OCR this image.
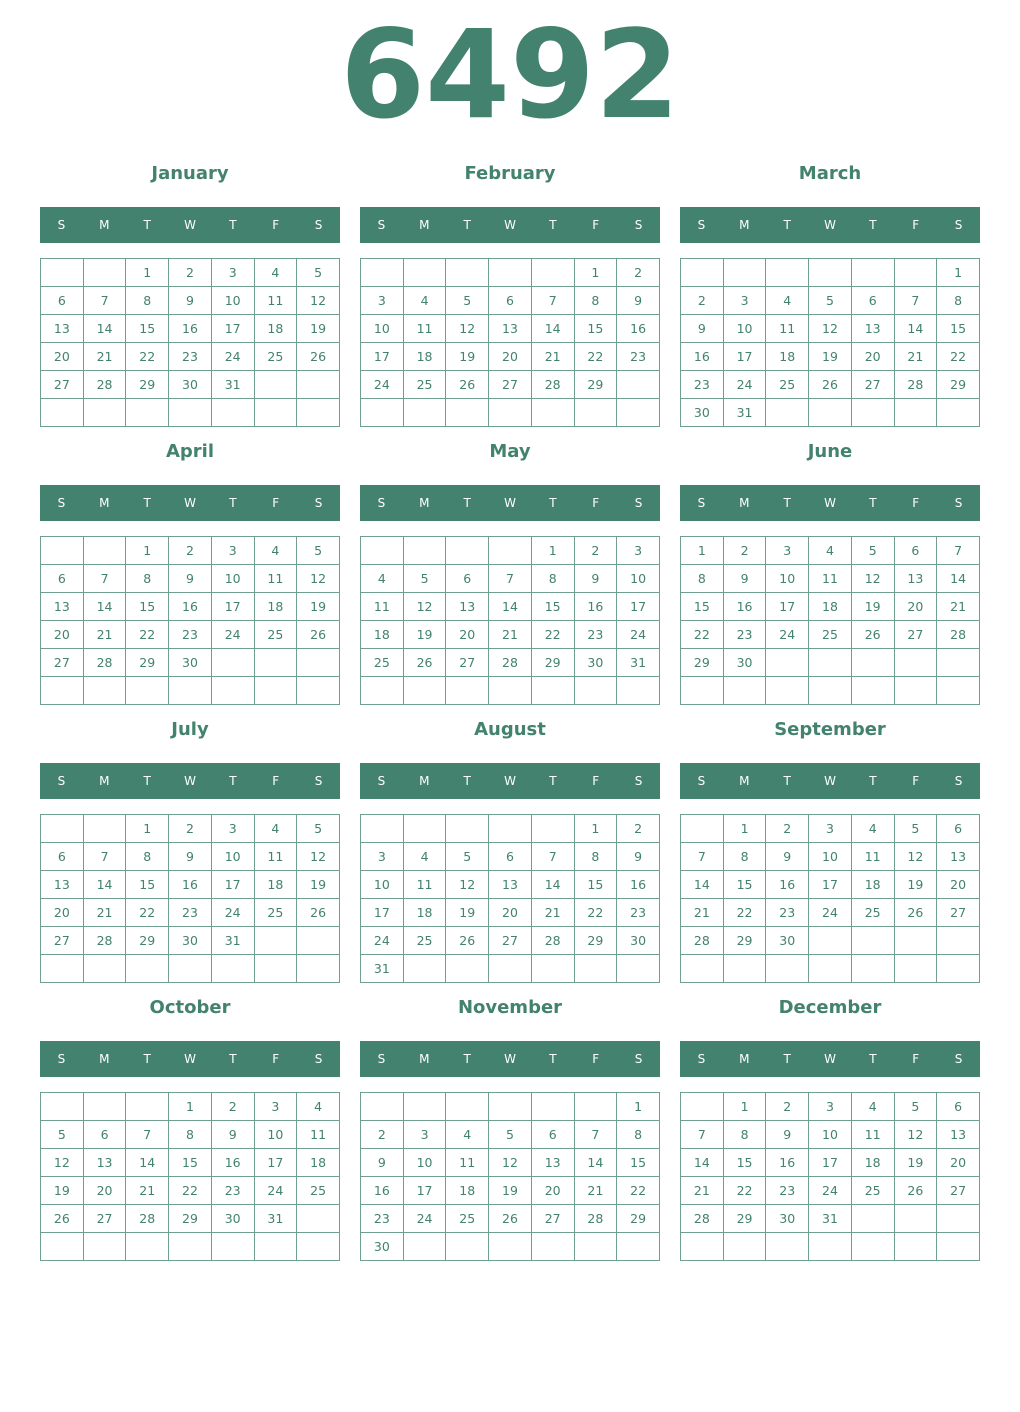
6492
January
S	M	T	W	T	F	S
		1	2	3	4	5
6	7	8	9	10	11	12
13	14	15	16	17	18	19
20	21	22	23	24	25	26
27	28	29	30	31		

February
S	M	T	W	T	F	S
					1	2
3	4	5	6	7	8	9
10	11	12	13	14	15	16
17	18	19	20	21	22	23
24	25	26	27	28	29	

March
S	M	T	W	T	F	S
						1
2	3	4	5	6	7	8
9	10	11	12	13	14	15
16	17	18	19	20	21	22
23	24	25	26	27	28	29
30	31					
April
S	M	T	W	T	F	S
		1	2	3	4	5
6	7	8	9	10	11	12
13	14	15	16	17	18	19
20	21	22	23	24	25	26
27	28	29	30			

May
S	M	T	W	T	F	S
				1	2	3
4	5	6	7	8	9	10
11	12	13	14	15	16	17
18	19	20	21	22	23	24
25	26	27	28	29	30	31

June
S	M	T	W	T	F	S
1	2	3	4	5	6	7
8	9	10	11	12	13	14
15	16	17	18	19	20	21
22	23	24	25	26	27	28
29	30					

July
S	M	T	W	T	F	S
		1	2	3	4	5
6	7	8	9	10	11	12
13	14	15	16	17	18	19
20	21	22	23	24	25	26
27	28	29	30	31		

August
S	M	T	W	T	F	S
					1	2
3	4	5	6	7	8	9
10	11	12	13	14	15	16
17	18	19	20	21	22	23
24	25	26	27	28	29	30
31						
September
S	M	T	W	T	F	S
	1	2	3	4	5	6
7	8	9	10	11	12	13
14	15	16	17	18	19	20
21	22	23	24	25	26	27
28	29	30				

October
S	M	T	W	T	F	S
			1	2	3	4
5	6	7	8	9	10	11
12	13	14	15	16	17	18
19	20	21	22	23	24	25
26	27	28	29	30	31	

November
S	M	T	W	T	F	S
						1
2	3	4	5	6	7	8
9	10	11	12	13	14	15
16	17	18	19	20	21	22
23	24	25	26	27	28	29
30						
December
S	M	T	W	T	F	S
	1	2	3	4	5	6
7	8	9	10	11	12	13
14	15	16	17	18	19	20
21	22	23	24	25	26	27
28	29	30	31			
